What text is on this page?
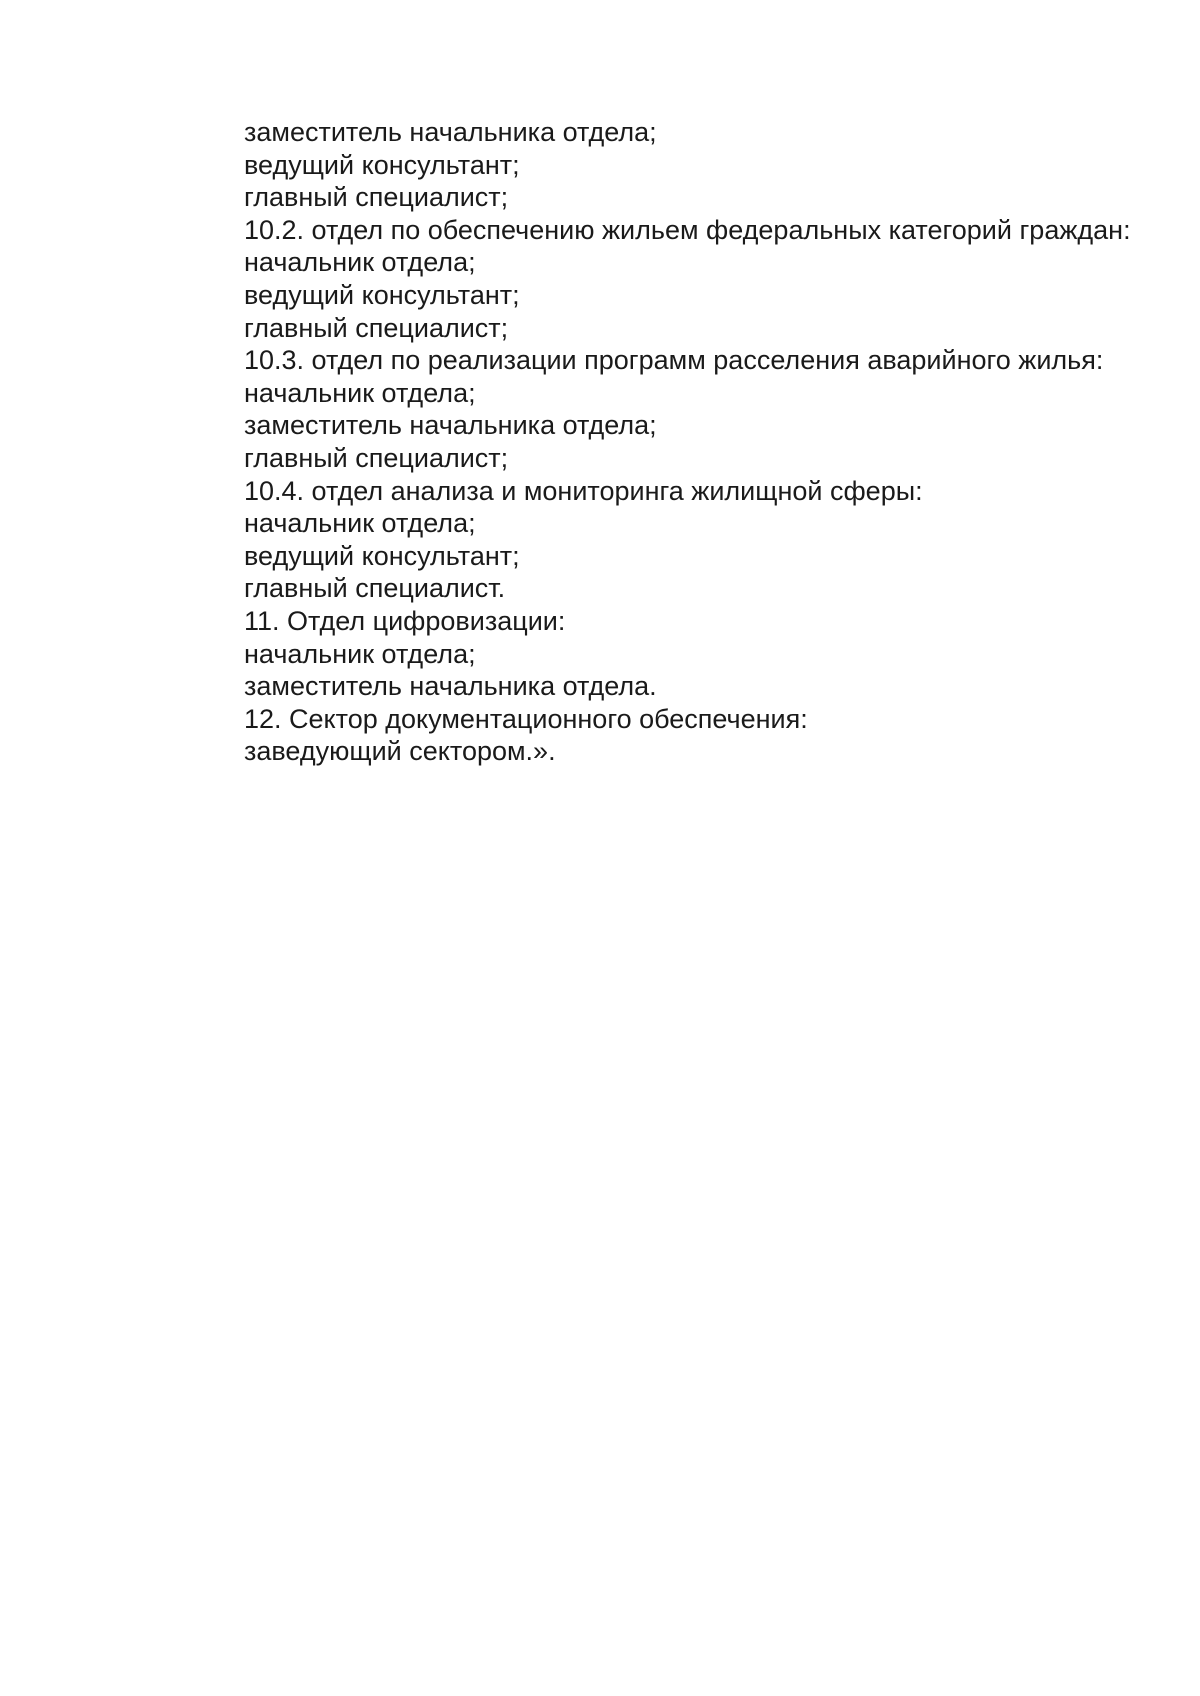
заместитель начальника отдела;
ведущий консультант;
главный специалист;
10.2. отдел по обеспечению жильем федеральных категорий граждан:
начальник отдела;
ведущий консультант;
главный специалист;
10.3. отдел по реализации программ расселения аварийного жилья:
начальник отдела;
заместитель начальника отдела;
главный специалист;
10.4. отдел анализа и мониторинга жилищной сферы:
начальник отдела;
ведущий консультант;
главный специалист.
11. Отдел цифровизации:
начальник отдела;
заместитель начальника отдела.
12. Сектор документационного обеспечения:
заведующий сектором.».
